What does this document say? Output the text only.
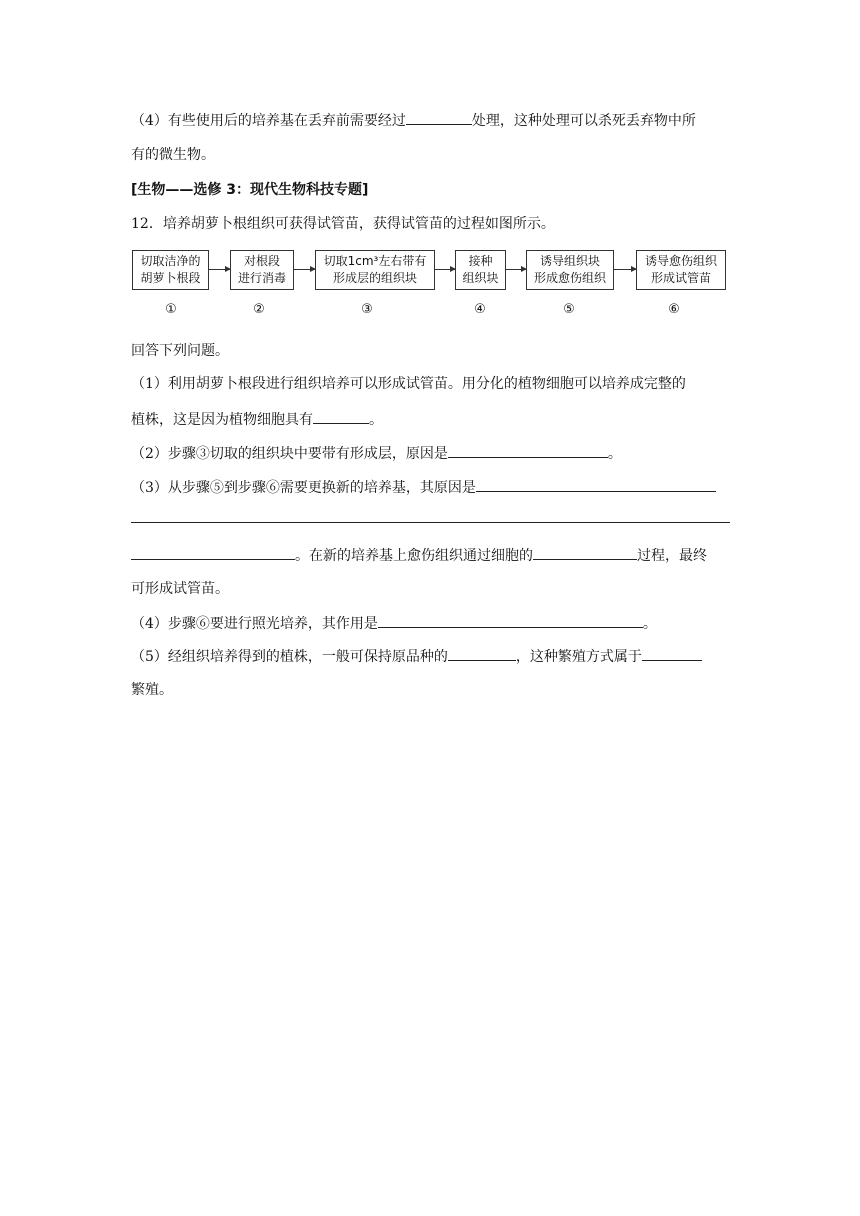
（4）有些使用后的培养基在丢弃前需要经过	处理，这种处理可以杀死丢弃物中所
有的微生物。
[生物——选修 3：现代生物科技专题]
12．培养胡萝卜根组织可获得试管苗，获得试管苗的过程如图所示。
切取洁净的
胡萝卜根段
对根段
进行消毒
切取1cm³左右带有
形成层的组织块
接种
组织块
诱导组织块
形成愈伤组织
诱导愈伤组织
形成试管苗
①	②	③	④	⑤	⑥
回答下列问题。
（1）利用胡萝卜根段进行组织培养可以形成试管苗。用分化的植物细胞可以培养成完整的
植株，这是因为植物细胞具有	。
（2）步骤③切取的组织块中要带有形成层，原因是	。
（3）从步骤⑤到步骤⑥需要更换新的培养基，其原因是
。在新的培养基上愈伤组织通过细胞的	过程，最终
可形成试管苗。
（4）步骤⑥要进行照光培养，其作用是	。
（5）经组织培养得到的植株，一般可保持原品种的	，这种繁殖方式属于
繁殖。
